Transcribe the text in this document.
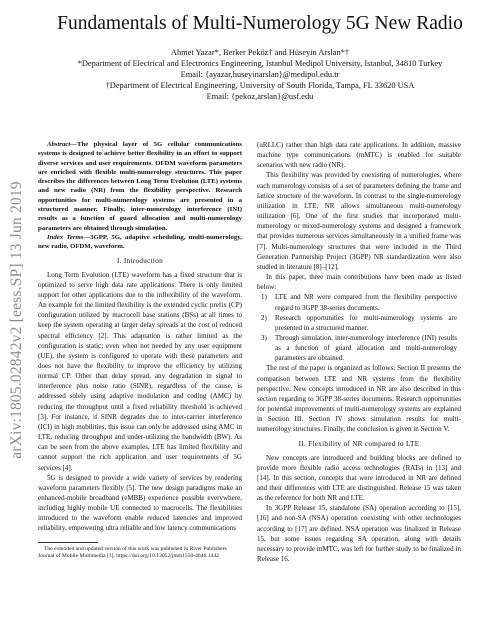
arXiv:1805.02842v2 [eess.SP] 13 Jun 2019
Fundamentals of Multi-Numerology 5G New Radio
Ahmet Yazar*, Berker Peköz† and Hüseyin Arslan*†
*Department of Electrical and Electronics Engineering, Istanbul Medipol University, Istanbul, 34810 Turkey
Email: {ayazar,huseyinarslan}@medipol.edu.tr
†Department of Electrical Engineering, University of South Florida, Tampa, FL 33620 USA
Email: {pekoz,arslan}@usf.edu

Abstract—The physical layer of 5G cellular communications systems is designed to achieve better flexibility in an effort to support diverse services and user requirements. OFDM waveform parameters are enriched with flexible multi-numerology structures. This paper describes the differences between Long Term Evolution (LTE) systems and new radio (NR) from the flexibility perspective. Research opportunities for multi-numerology systems are presented in a structured manner. Finally, inter-numerology interference (INI) results as a function of guard allocation and multi-numerology parameters are obtained through simulation.

Index Terms—3GPP, 5G, adaptive scheduling, multi-numerology, new radio, OFDM, waveform.

I. Introduction

Long Term Evolution (LTE) waveform has a fixed structure that is optimized to serve high data rate applications. There is only limited support for other applications due to the inflexibility of the waveform. An example for the limited flexibility is the extended cyclic prefix (CP) configuration utilized by macrocell base stations (BSs) at all times to keep the system operating at larger delay spreads at the cost of reduced spectral efficiency [2]. This adaptation is rather limited as the configuration is static; even when not needed by any user equipment (UE), the system is configured to operate with these parameters and does not have the flexibility to improve the efficiency by utilizing normal CP. Other than delay spread, any degradation in signal to interference plus noise ratio (SINR), regardless of the cause, is addressed solely using adaptive modulation and coding (AMC) by reducing the throughput until a fixed reliability threshold is achieved [3]. For instance, if SINR degrades due to inter-carrier interference (ICI) in high mobilities, this issue can only be addressed using AMC in LTE, reducing throughput and under-utilizing the bandwidth (BW). As can be seen from the above examples, LTE has limited flexibility and cannot support the rich application and user requirements of 5G services [4].

5G is designed to provide a wide variety of services by rendering waveform parameters flexibly [5]. The new design paradigms make an enhanced-mobile broadband (eMBB) experience possible everywhere, including highly mobile UE connected to macrocells. The flexibilities introduced to the waveform enable reduced latencies and improved reliability, empowering ultra reliable and low latency communications

The extended and updated version of this work was published in River Publishers Journal of Mobile Multimedia [1]. https://doi.org/10.13052/jmm1550-4646.1442

(uRLLC) rather than high data rate applications. In addition, massive machine type communications (mMTC) is enabled for suitable scenarios with new radio (NR).

This flexibility was provided by coexisting of numerologies, where each numerology consists of a set of parameters defining the frame and lattice structure of the waveform. In contrast to the single-numerology utilization in LTE, NR allows simultaneous multi-numerology utilization [6]. One of the first studies that incorporated multi-numerology or mixed-numerology systems and designed a framework that provides numerous services simultaneously in a unified frame was [7]. Multi-numerology structures that were included in the Third Generation Partnership Project (3GPP) NR standardization were also studied in literature [8]–[12].

In this paper, three main contributions have been made as listed below:

1) LTE and NR were compared from the flexibility perspective regard to 3GPP 38-series documents.
2) Research opportunities for multi-numerology systems are presented in a structured manner.
3) Through simulation, inter-numerology interference (INI) results as a function of guard allocation and multi-numerology parameters are obtained.

The rest of the paper is organized as follows: Section II presents the comparison between LTE and NR systems from the flexibility perspective. New concepts introduced in NR are also described in this section regarding to 3GPP 38-series documents. Research opportunities for potential improvements of multi-numerology systems are explained in Section III. Section IV shows simulation results for multi-numerology structures. Finally, the conclusion is given in Section V.

II. Flexibility of NR compared to LTE

New concepts are introduced and building blocks are defined to provide more flexible radio access technologies (RATs) in [13] and [14]. In this section, concepts that were introduced in NR are defined and their differences with LTE are distinguished. Release 15 was taken as the reference for both NR and LTE.

In 3GPP Release 15, standalone (SA) operation according to [15], [16] and non-SA (NSA) operation coexisting with other technologies according to [17] are defined. NSA operation was finalized in Release 15, but some issues regarding SA operation, along with details necessary to provide mMTC, was left for further study to be finalized in Release 16.
